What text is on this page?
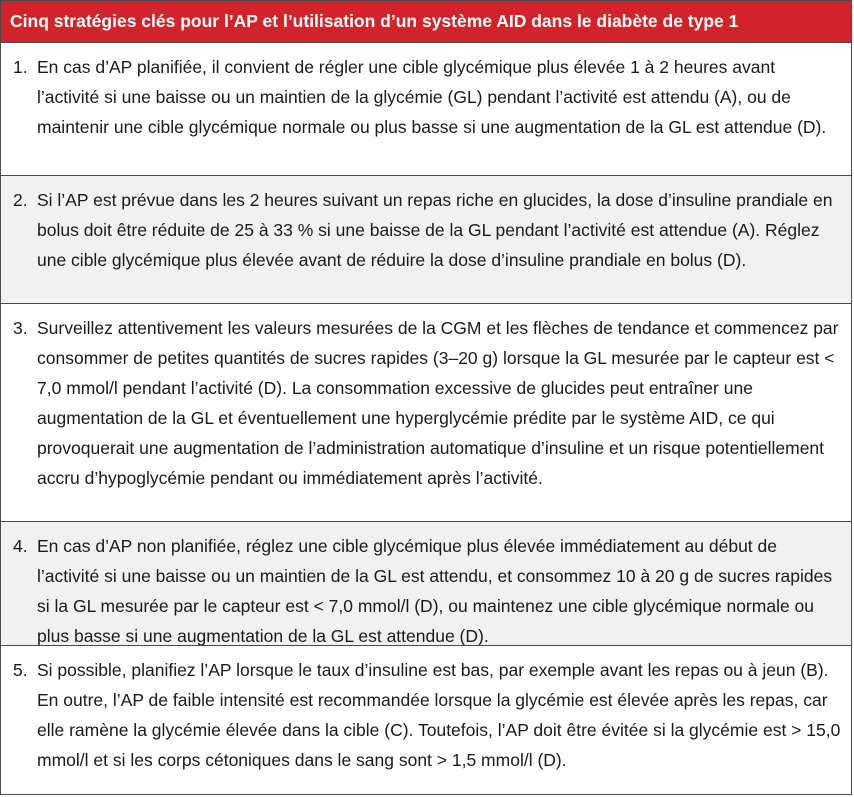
Cinq stratégies clés pour l’AP et l’utilisation d’un système AID dans le diabète de type 1
1. En cas d’AP planifiée, il convient de régler une cible glycémique plus élevée 1 à 2 heures avant l’activité si une baisse ou un maintien de la glycémie (GL) pendant l’activité est attendu (A), ou de maintenir une cible glycémique normale ou plus basse si une augmentation de la GL est attendue (D).
2. Si l’AP est prévue dans les 2 heures suivant un repas riche en glucides, la dose d’insuline prandiale en bolus doit être réduite de 25 à 33 % si une baisse de la GL pendant l’activité est attendue (A). Réglez une cible glycémique plus élevée avant de réduire la dose d’insuline prandiale en bolus (D).
3. Surveillez attentivement les valeurs mesurées de la CGM et les flèches de tendance et commencez par consommer de petites quantités de sucres rapides (3–20 g) lorsque la GL mesurée par le capteur est < 7,0 mmol/l pendant l’activité (D). La consommation excessive de glucides peut entraîner une augmentation de la GL et éventuellement une hyperglycémie prédite par le système AID, ce qui provoquerait une augmentation de l’administration automatique d’insuline et un risque potentiellement accru d’hypoglycémie pendant ou immédiatement après l’activité.
4. En cas d’AP non planifiée, réglez une cible glycémique plus élevée immédiatement au début de l’activité si une baisse ou un maintien de la GL est attendu, et consommez 10 à 20 g de sucres rapides si la GL mesurée par le capteur est < 7,0 mmol/l (D), ou maintenez une cible glycémique normale ou plus basse si une augmentation de la GL est attendue (D).
5. Si possible, planifiez l’AP lorsque le taux d’insuline est bas, par exemple avant les repas ou à jeun (B). En outre, l’AP de faible intensité est recommandée lorsque la glycémie est élevée après les repas, car elle ramène la glycémie élevée dans la cible (C). Toutefois, l’AP doit être évitée si la glycémie est > 15,0 mmol/l et si les corps cétoniques dans le sang sont > 1,5 mmol/l (D).
